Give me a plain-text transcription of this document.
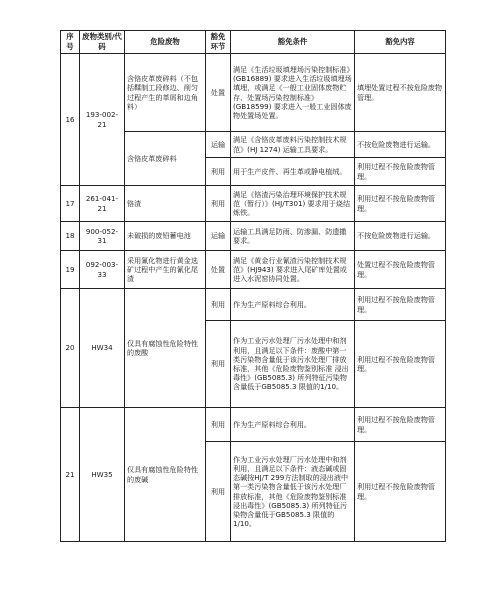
序号	废物类别/代码	危险废物	豁免环节	豁免条件	豁免内容
16	193-002-21	含铬皮革废碎料（不包括鞣制工段修边、削匀过程产生的革屑和边角料）	处置	满足《生活垃圾填埋场污染控制标准》(GB16889) 要求进入生活垃圾填埋场填埋，或满足《一般工业固体废物贮存、处置场污染控制标准》(GB18599) 要求进入一般工业固体废物处置场处置。	填埋处置过程不按危险废物管理。
		含铬皮革废碎料	运输	满足《含铬皮革废料污染控制技术规范》(HJ 1274) 运输工具要求。	不按危险废物进行运输。
			利用	用于生产皮件、再生革或静电植绒。	利用过程不按危险废物管理。
17	261-041-21	铬渣	利用	满足《铬渣污染治理环境保护技术规范（暂行）》(HJ/T301) 要求用于烧结炼铁。	利用过程不按危险废物管理。
18	900-052-31	未破损的废铅蓄电池	运输	运输工具满足防雨、防渗漏、防遗撒要求。	不按危险废物进行运输。
19	092-003-33	采用氰化物进行黄金选矿过程中产生的氰化尾渣	处置	满足《黄金行业氰渣污染控制技术规范》(HJ943) 要求进入尾矿库处置或进入水泥窑协同处置。	处置过程不按危险废物管理。
20	HW34	仅具有腐蚀性危险特性的废酸	利用	作为生产原料综合利用。	利用过程不按危险废物管理。
			利用	作为工业污水处理厂污水处理中和剂利用，且满足以下条件：废酸中第一类污染物含量低于该污水处理厂排放标准，其他《危险废物鉴别标准 浸出毒性》(GB5085.3) 所列特征污染物含量低于GB5085.3 限值的1/10。	利用过程不按危险废物管理。
21	HW35	仅具有腐蚀性危险特性的废碱	利用	作为生产原料综合利用。	利用过程不按危险废物管理。
			利用	作为工业污水处理厂污水处理中和剂利用，且满足以下条件：液态碱或固态碱按HJ/T 299方法制取的浸出液中第一类污染物含量低于该污水处理厂排放标准，其他《危险废物鉴别标准 浸出毒性》(GB5085.3) 所列特征污染物含量低于GB5085.3 限值的1/10。	利用过程不按危险废物管理。
